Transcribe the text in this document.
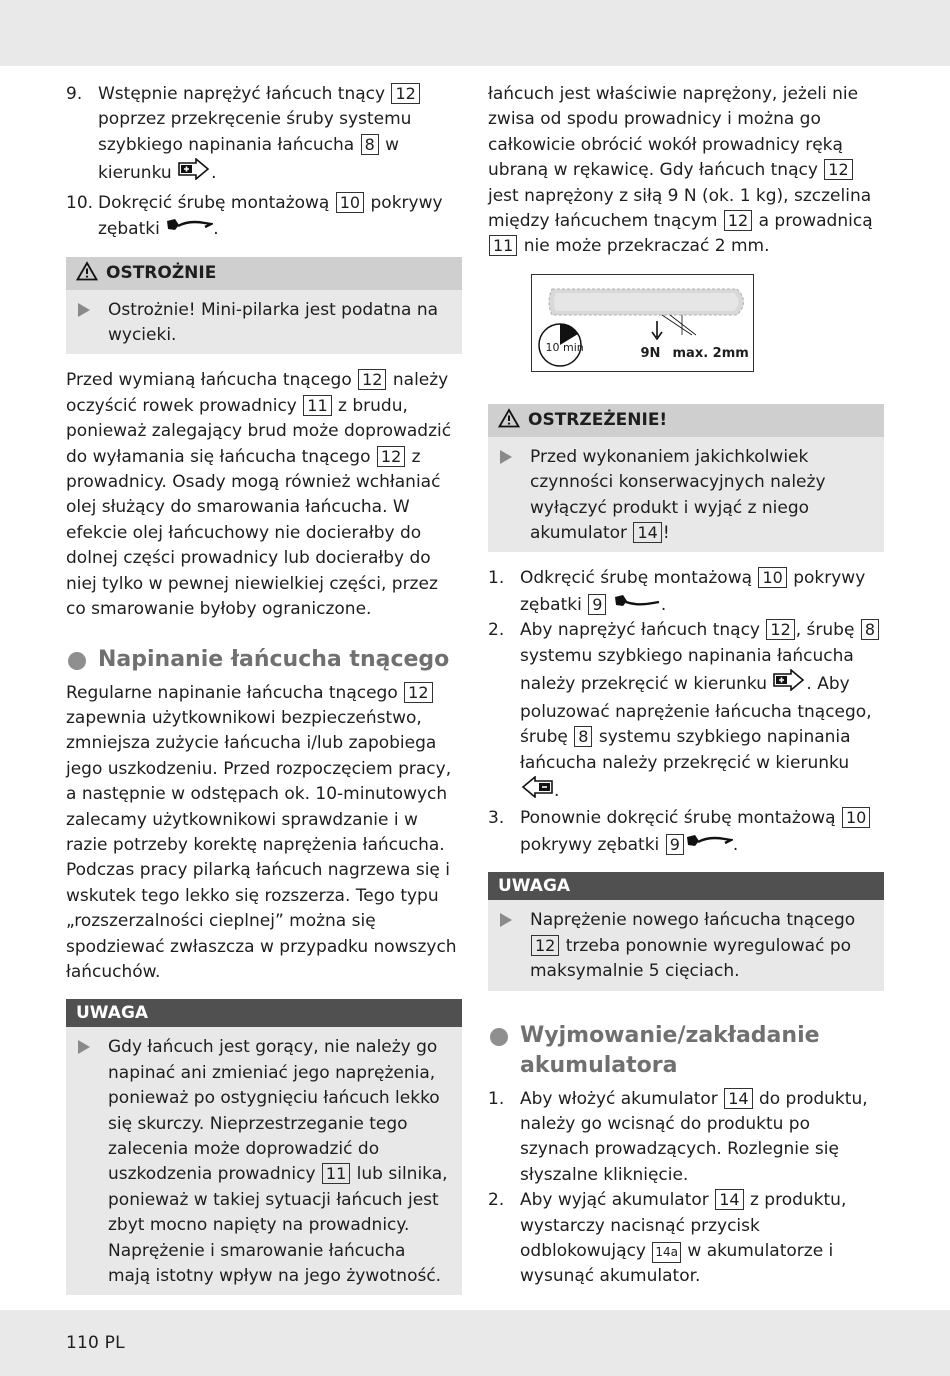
9. Wstępnie naprężyć łańcuch tnący 12 poprzez przekręcenie śruby systemu szybkiego napinania łańcucha 8 w kierunku .
10. Dokręcić śrubę montażową 10 pokrywy zębatki	.
OSTROŻNIE
Ostrożnie! Mini-pilarka jest podatna na wycieki.

Przed wymianą łańcucha tnącego 12 należy oczyścić rowek prowadnicy 11 z brudu, ponieważ zalegający brud może doprowadzić do wyłamania się łańcucha tnącego 12 z prowadnicy. Osady mogą również wchłaniać olej służący do smarowania łańcucha. W efekcie olej łańcuchowy nie docierałby do dolnej części prowadnicy lub docierałby do niej tylko w pewnej niewielkiej części, przez co smarowanie byłoby ograniczone.

Napinanie łańcucha tnącego

Regularne napinanie łańcucha tnącego 12 zapewnia użytkownikowi bezpieczeństwo, zmniejsza zużycie łańcucha i/lub zapobiega jego uszkodzeniu. Przed rozpoczęciem pracy, a następnie w odstępach ok. 10-minutowych zalecamy użytkownikowi sprawdzanie i w razie potrzeby korektę naprężenia łańcucha. Podczas pracy pilarką łańcuch nagrzewa się i wskutek tego lekko się rozszerza. Tego typu „rozszerzalności cieplnej” można się spodziewać zwłaszcza w przypadku nowszych łańcuchów.

UWAGA
Gdy łańcuch jest gorący, nie należy go napinać ani zmieniać jego naprężenia, ponieważ po ostygnięciu łańcuch lekko się skurczy. Nieprzestrzeganie tego zalecenia może doprowadzić do uszkodzenia prowadnicy 11 lub silnika, ponieważ w takiej sytuacji łańcuch jest zbyt mocno napięty na prowadnicy. Naprężenie i smarowanie łańcucha mają istotny wpływ na jego żywotność.

łańcuch jest właściwie naprężony, jeżeli nie zwisa od spodu prowadnicy i można go całkowicie obrócić wokół prowadnicy ręką ubraną w rękawicę. Gdy łańcuch tnący 12 jest naprężony z siłą 9 N (ok. 1 kg), szczelina między łańcuchem tnącym 12 a prowadnicą 11 nie może przekraczać 2 mm.

10 min	9N max. 2mm
OSTRZEŻENIE!
Przed wykonaniem jakichkolwiek czynności konserwacyjnych należy wyłączyć produkt i wyjąć z niego akumulator 14 !
1. Odkręcić śrubę montażową 10 pokrywy zębatki 9	.
2. Aby naprężyć łańcuch tnący 12 , śrubę 8 systemu szybkiego napinania łańcucha należy przekręcić w kierunku . Aby poluzować naprężenie łańcucha tnącego, śrubę 8 systemu szybkiego napinania łańcucha należy przekręcić w kierunku .
3. Ponownie dokręcić śrubę montażową 10 pokrywy zębatki 9	.
UWAGA
Naprężenie nowego łańcucha tnącego 12 trzeba ponownie wyregulować po maksymalnie 5 cięciach.
Wyjmowanie/zakładanie akumulatora
1. Aby włożyć akumulator 14 do produktu, należy go wcisnąć do produktu po szynach prowadzących. Rozlegnie się słyszalne kliknięcie.
2. Aby wyjąć akumulator 14 z produktu, wystarczy nacisnąć przycisk odblokowujący 14a w akumulatorze i wysunąć akumulator.
110 PL
